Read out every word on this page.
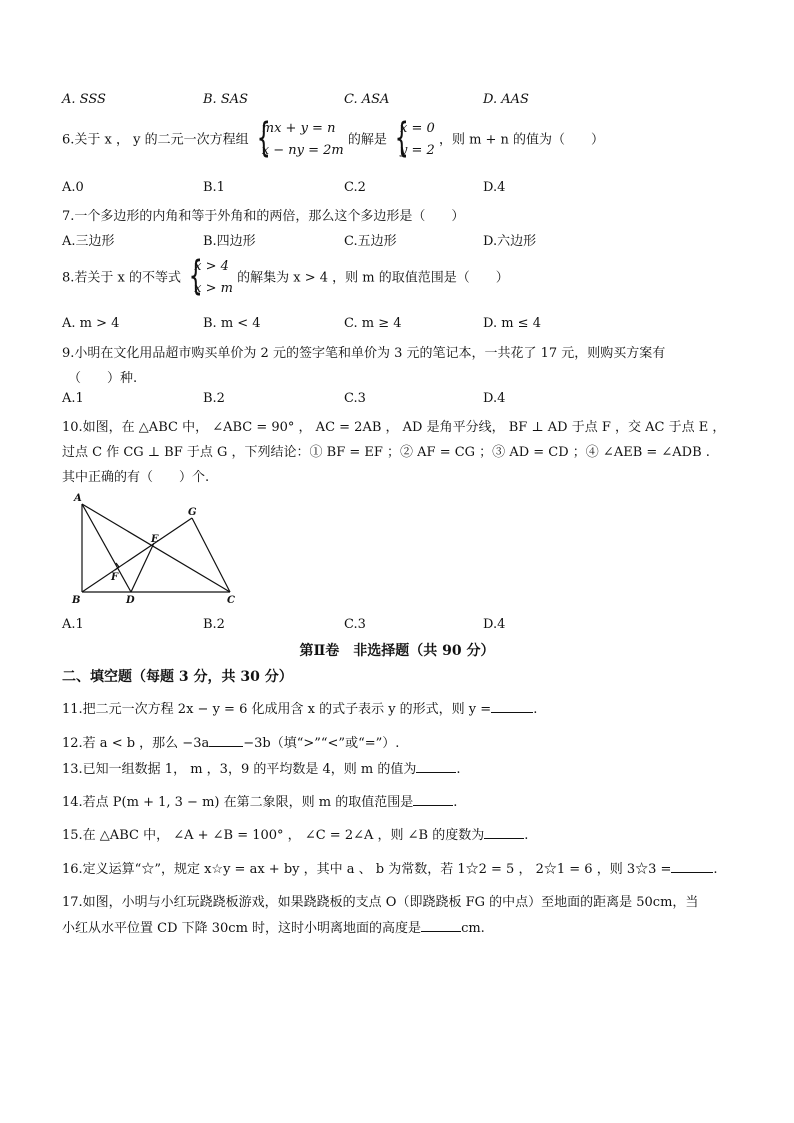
A. SSS	B. SAS	C. ASA	D. AAS
6.关于 x ， y 的二元一次方程组 {
mx + y = n
x − ny = 2m
的解是 {
x = 0
y = 2
，则 m + n 的值为（　　）
A.0	B.1	C.2	D.4
7.一个多边形的内角和等于外角和的两倍，那么这个多边形是（　　）
A.三边形	B.四边形	C.五边形	D.六边形
8.若关于 x 的不等式 {
x > 4
x > m
的解集为 x > 4 ，则 m 的取值范围是（　　）
A. m > 4	B. m < 4	C. m ≥ 4	D. m ≤ 4
9.小明在文化用品超市购买单价为 2 元的签字笔和单价为 3 元的笔记本，一共花了 17 元，则购买方案有
（　　）种.
A.1	B.2	C.3	D.4
10.如图，在 △ABC 中， ∠ABC = 90° ， AC = 2AB ， AD 是角平分线， BF ⊥ AD 于点 F ，交 AC 于点 E ，
过点 C 作 CG ⊥ BF 于点 G ，下列结论：① BF = EF ；② AF = CG ；③ AD = CD ；④ ∠AEB = ∠ADB .
其中正确的有（　　）个.
A
B	C
D
E
F
G
A.1	B.2	C.3	D.4
第Ⅱ卷　非选择题（共 90 分）
二、填空题（每题 3 分，共 30 分）
11.把二元一次方程 2x − y = 6 化成用含 x 的式子表示 y 的形式，则 y =	.
12.若 a < b ，那么 −3a	−3b（填“>”“<”或“=”）.
13.已知一组数据 1， m ，3，9 的平均数是 4，则 m 的值为	.
14.若点 P(m + 1, 3 − m) 在第二象限，则 m 的取值范围是	.
15.在 △ABC 中， ∠A + ∠B = 100° ， ∠C = 2∠A ，则 ∠B 的度数为	.
16.定义运算“☆”，规定 x☆y = ax + by ，其中 a 、 b 为常数，若 1☆2 = 5 ， 2☆1 = 6 ，则 3☆3 =	.
17.如图，小明与小红玩跷跷板游戏，如果跷跷板的支点 O（即跷跷板 FG 的中点）至地面的距离是 50cm，当
小红从水平位置 CD 下降 30cm 时，这时小明离地面的高度是	cm.
